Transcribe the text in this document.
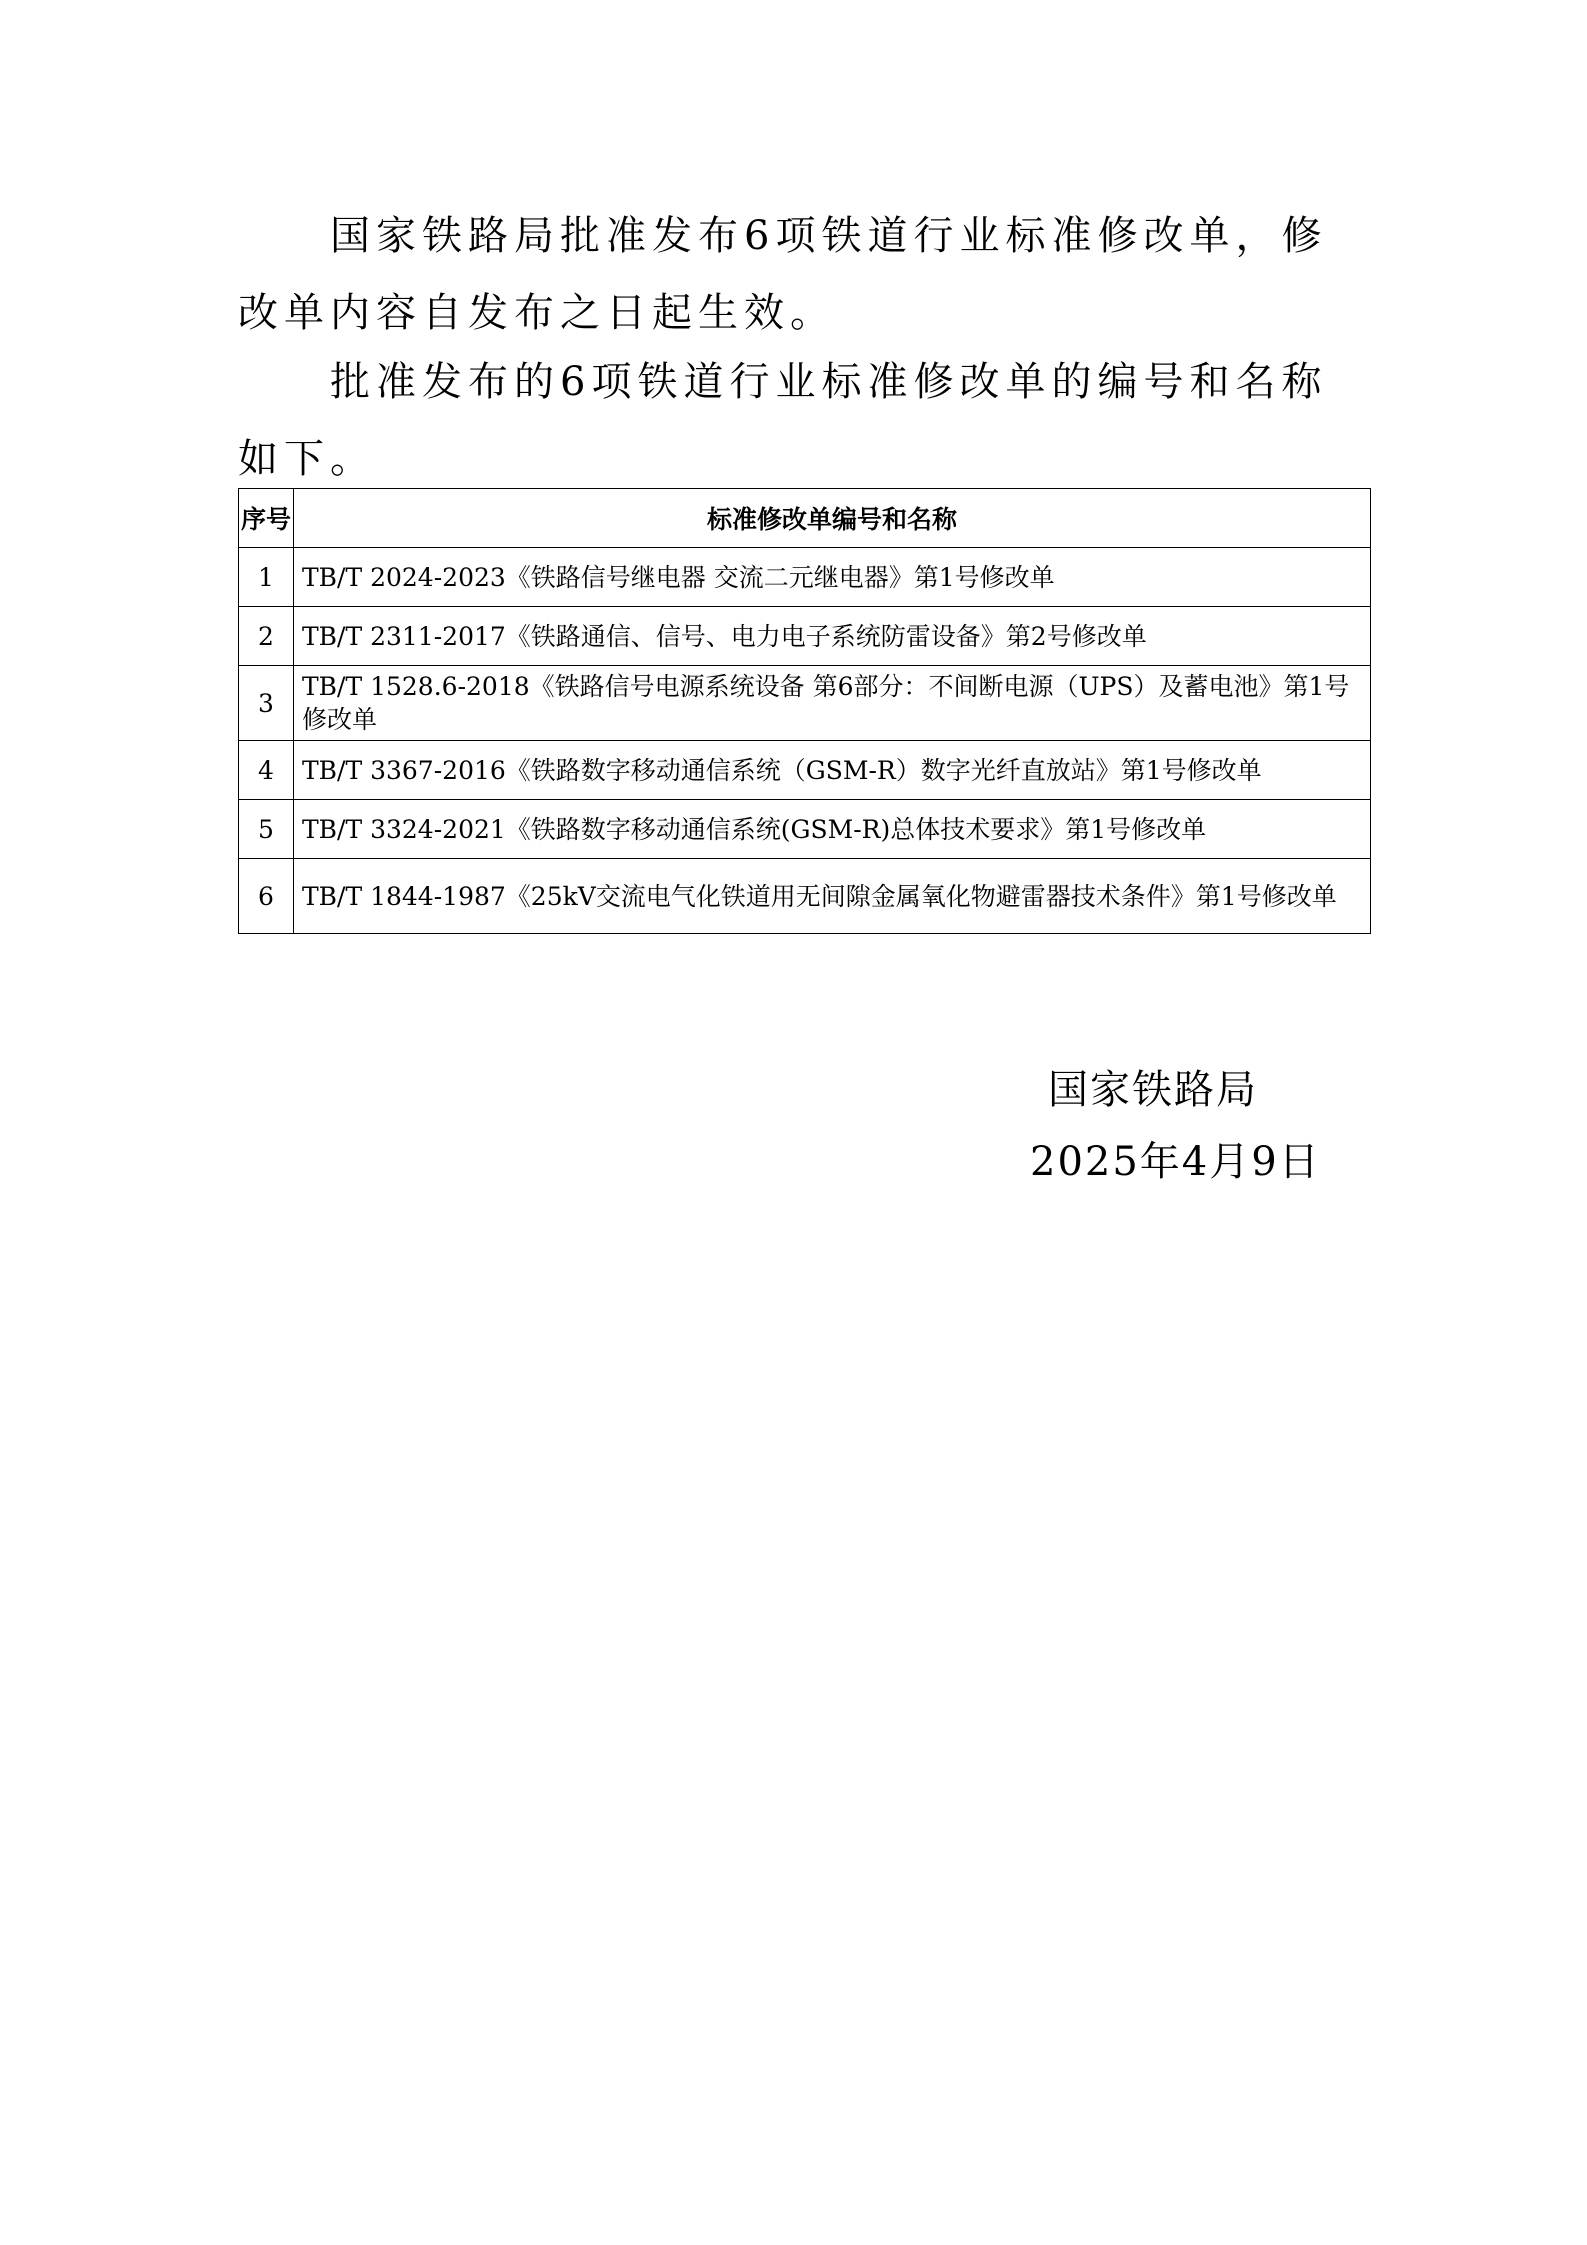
国家铁路局批准发布6项铁道行业标准修改单，修改单内容自发布之日起生效。

批准发布的6项铁道行业标准修改单的编号和名称如下。

序号	标准修改单编号和名称
1	TB/T 2024-2023《铁路信号继电器 交流二元继电器》第1号修改单
2	TB/T 2311-2017《铁路通信、信号、电力电子系统防雷设备》第2号修改单
3	TB/T 1528.6-2018《铁路信号电源系统设备 第6部分：不间断电源（UPS）及蓄电池》第1号修改单
4	TB/T 3367-2016《铁路数字移动通信系统（GSM-R）数字光纤直放站》第1号修改单
5	TB/T 3324-2021《铁路数字移动通信系统(GSM-R)总体技术要求》第1号修改单
6	TB/T 1844-1987《25kV交流电气化铁道用无间隙金属氧化物避雷器技术条件》第1号修改单
国家铁路局
2025年4月9日
